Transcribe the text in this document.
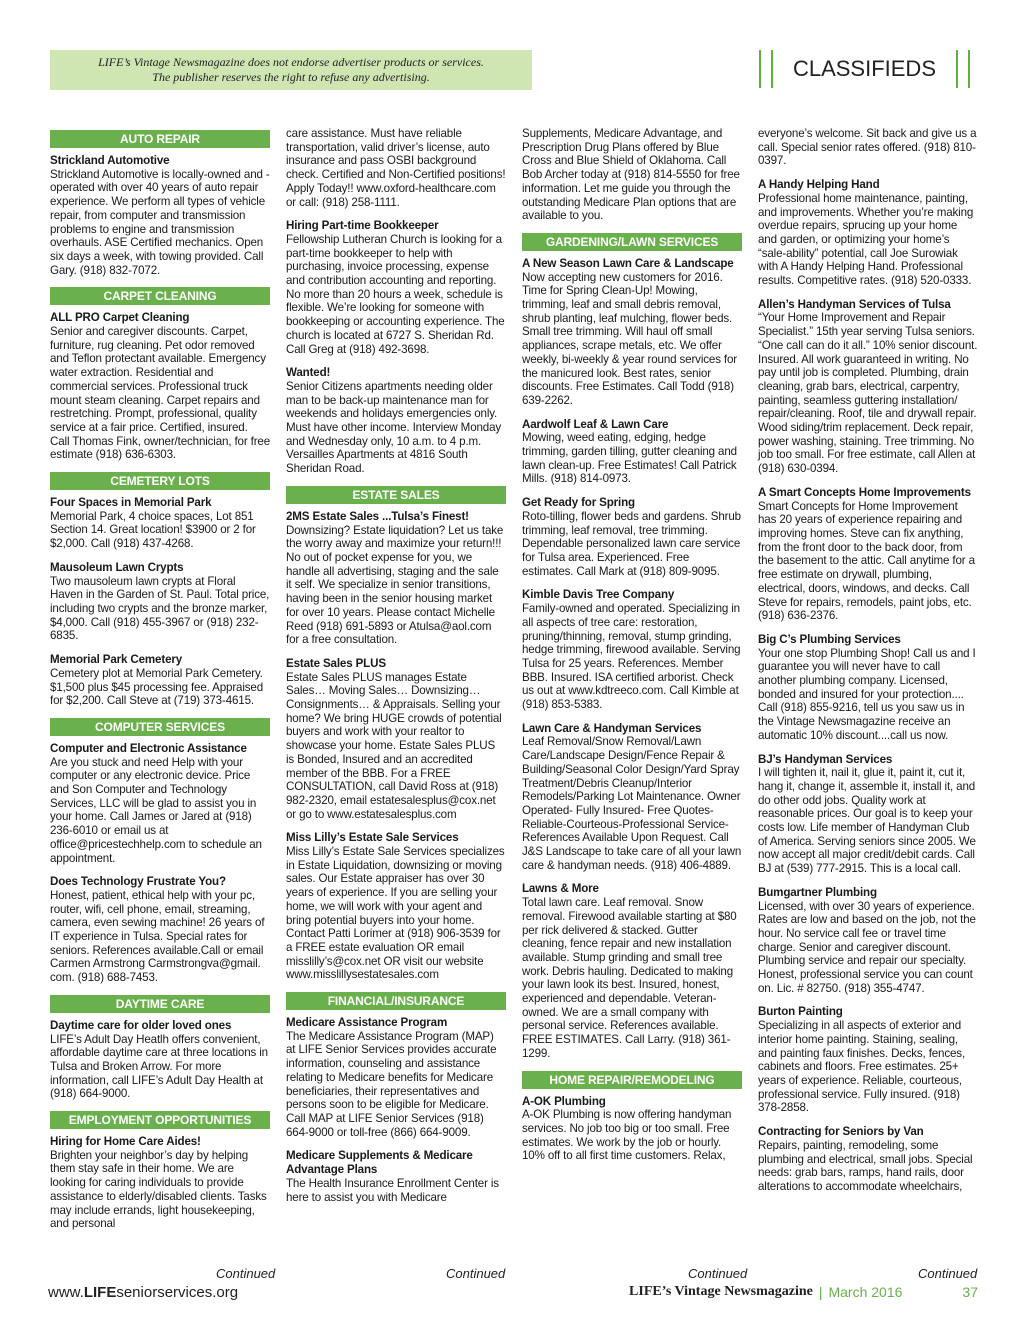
LIFE’s Vintage Newsmagazine does not endorse advertiser products or services.
The publisher reserves the right to refuse any advertising.	CLASSIFIEDS
AUTO REPAIR
Strickland Automotive
Strickland Automotive is locally-owned and - operated with over 40 years of auto repair experience. We perform all types of vehicle repair, from computer and transmission problems to engine and transmission overhauls. ASE Certified mechanics. Open six days a week, with towing provided. Call Gary. (918) 832-7072.
CARPET CLEANING
ALL PRO Carpet Cleaning
Senior and caregiver discounts. Carpet, furniture, rug cleaning. Pet odor removed and Teflon protectant available. Emergency water extraction. Residential and commercial services. Professional truck mount steam cleaning. Carpet repairs and restretching. Prompt, professional, quality service at a fair price. Certified, insured. Call Thomas Fink, owner/technician, for free estimate (918) 636-6303.
CEMETERY LOTS
Four Spaces in Memorial Park
Memorial Park, 4 choice spaces, Lot 851 Section 14. Great location! $3900 or 2 for $2,000. Call (918) 437-4268.
Mausoleum Lawn Crypts
Two mausoleum lawn crypts at Floral Haven in the Garden of St. Paul. Total price, including two crypts and the bronze marker, $4,000. Call (918) 455-3967 or (918) 232-6835.
Memorial Park Cemetery
Cemetery plot at Memorial Park Cemetery. $1,500 plus $45 processing fee. Appraised for $2,200. Call Steve at (719) 373-4615.
COMPUTER SERVICES
Computer and Electronic Assistance
Are you stuck and need Help with your computer or any electronic device. Price and Son Computer and Technology Services, LLC will be glad to assist you in your home. Call James or Jared at (918) 236-6010 or email us at office@pricestechhelp.com to schedule an appointment.
Does Technology Frustrate You?
Honest, patient, ethical help with your pc, router, wifi, cell phone, email, streaming, camera, even sewing machine! 26 years of IT experience in Tulsa. Special rates for seniors. References available.Call or email Carmen Armstrong Carmstrongva@gmail. com. (918) 688-7453.
DAYTIME CARE
Daytime care for older loved ones
LIFE’s Adult Day Heatlh offers convenient, affordable daytime care at three locations in Tulsa and Broken Arrow. For more information, call LIFE’s Adult Day Health at (918) 664-9000.
EMPLOYMENT OPPORTUNITIES
Hiring for Home Care Aides!
Brighten your neighbor’s day by helping them stay safe in their home. We are looking for caring individuals to provide assistance to elderly/disabled clients. Tasks may include errands, light housekeeping, and personal
care assistance. Must have reliable transportation, valid driver’s license, auto insurance and pass OSBI background check. Certified and Non-Certified positions! Apply Today!! www.oxford-healthcare.com or call: (918) 258-1111.
Hiring Part-time Bookkeeper
Fellowship Lutheran Church is looking for a part-time bookkeeper to help with purchasing, invoice processing, expense and contribution accounting and reporting. No more than 20 hours a week, schedule is flexible. We’re looking for someone with bookkeeping or accounting experience. The church is located at 6727 S. Sheridan Rd. Call Greg at (918) 492-3698.
Wanted!
Senior Citizens apartments needing older man to be back-up maintenance man for weekends and holidays emergencies only. Must have other income. Interview Monday and Wednesday only, 10 a.m. to 4 p.m. Versailles Apartments at 4816 South Sheridan Road.
ESTATE SALES
2MS Estate Sales ...Tulsa’s Finest!
Downsizing? Estate liquidation? Let us take the worry away and maximize your return!!! No out of pocket expense for you, we handle all advertising, staging and the sale it self. We specialize in senior transitions, having been in the senior housing market for over 10 years. Please contact Michelle Reed (918) 691-5893 or Atulsa@aol.com for a free consultation.
Estate Sales PLUS
Estate Sales PLUS manages Estate Sales… Moving Sales… Downsizing… Consignments… & Appraisals. Selling your home? We bring HUGE crowds of potential buyers and work with your realtor to showcase your home. Estate Sales PLUS is Bonded, Insured and an accredited member of the BBB. For a FREE CONSULTATION, call David Ross at (918) 982-2320, email estatesalesplus@cox.net or go to www.estatesalesplus.com
Miss Lilly’s Estate Sale Services
Miss Lilly’s Estate Sale Services specializes in Estate Liquidation, downsizing or moving sales. Our Estate appraiser has over 30 years of experience. If you are selling your home, we will work with your agent and bring potential buyers into your home. Contact Patti Lorimer at (918) 906-3539 for a FREE estate evaluation OR email misslilly’s@cox.net OR visit our website www.misslillysestatesales.com
FINANCIAL/INSURANCE
Medicare Assistance Program
The Medicare Assistance Program (MAP) at LIFE Senior Services provides accurate information, counseling and assistance relating to Medicare benefits for Medicare beneficiaries, their representatives and persons soon to be eligible for Medicare. Call MAP at LIFE Senior Services (918) 664-9000 or toll-free (866) 664-9009.
Medicare Supplements & Medicare Advantage Plans
The Health Insurance Enrollment Center is here to assist you with Medicare
Supplements, Medicare Advantage, and Prescription Drug Plans offered by Blue Cross and Blue Shield of Oklahoma. Call Bob Archer today at (918) 814-5550 for free information. Let me guide you through the outstanding Medicare Plan options that are available to you.
GARDENING/LAWN SERVICES
A New Season Lawn Care & Landscape
Now accepting new customers for 2016. Time for Spring Clean-Up! Mowing, trimming, leaf and small debris removal, shrub planting, leaf mulching, flower beds. Small tree trimming. Will haul off small appliances, scrape metals, etc. We offer weekly, bi-weekly & year round services for the manicured look. Best rates, senior discounts. Free Estimates. Call Todd (918) 639-2262.
Aardwolf Leaf & Lawn Care
Mowing, weed eating, edging, hedge trimming, garden tilling, gutter cleaning and lawn clean-up. Free Estimates! Call Patrick Mills. (918) 814-0973.
Get Ready for Spring
Roto-tilling, flower beds and gardens. Shrub trimming, leaf removal, tree trimming. Dependable personalized lawn care service for Tulsa area. Experienced. Free estimates. Call Mark at (918) 809-9095.
Kimble Davis Tree Company
Family-owned and operated. Specializing in all aspects of tree care: restoration, pruning/thinning, removal, stump grinding, hedge trimming, firewood available. Serving Tulsa for 25 years. References. Member BBB. Insured. ISA certified arborist. Check us out at www.kdtreeco.com. Call Kimble at (918) 853-5383.
Lawn Care & Handyman Services
Leaf Removal/Snow Removal/Lawn Care/Landscape Design/Fence Repair & Building/Seasonal Color Design/Yard Spray Treatment/Debris Cleanup/Interior Remodels/Parking Lot Maintenance. Owner Operated- Fully Insured- Free Quotes-Reliable-Courteous-Professional Service-References Available Upon Request. Call J&S Landscape to take care of all your lawn care & handyman needs. (918) 406-4889.
Lawns & More
Total lawn care. Leaf removal. Snow removal. Firewood available starting at $80 per rick delivered & stacked. Gutter cleaning, fence repair and new installation available. Stump grinding and small tree work. Debris hauling. Dedicated to making your lawn look its best. Insured, honest, experienced and dependable. Veteran-owned. We are a small company with personal service. References available. FREE ESTIMATES. Call Larry. (918) 361-1299.
HOME REPAIR/REMODELING
A-OK Plumbing
A-OK Plumbing is now offering handyman services. No job too big or too small. Free estimates. We work by the job or hourly. 10% off to all first time customers. Relax,
everyone’s welcome. Sit back and give us a call. Special senior rates offered. (918) 810-0397.
A Handy Helping Hand
Professional home maintenance, painting, and improvements. Whether you’re making overdue repairs, sprucing up your home and garden, or optimizing your home’s “sale-ability” potential, call Joe Surowiak with A Handy Helping Hand. Professional results. Competitive rates. (918) 520-0333.
Allen’s Handyman Services of Tulsa
“Your Home Improvement and Repair Specialist.” 15th year serving Tulsa seniors. “One call can do it all.” 10% senior discount. Insured. All work guaranteed in writing. No pay until job is completed. Plumbing, drain cleaning, grab bars, electrical, carpentry, painting, seamless guttering installation/ repair/cleaning. Roof, tile and drywall repair. Wood siding/trim replacement. Deck repair, power washing, staining. Tree trimming. No job too small. For free estimate, call Allen at (918) 630-0394.
A Smart Concepts Home Improvements
Smart Concepts for Home Improvement has 20 years of experience repairing and improving homes. Steve can fix anything, from the front door to the back door, from the basement to the attic. Call anytime for a free estimate on drywall, plumbing, electrical, doors, windows, and decks. Call Steve for repairs, remodels, paint jobs, etc. (918) 636-2376.
Big C’s Plumbing Services
Your one stop Plumbing Shop! Call us and I guarantee you will never have to call another plumbing company. Licensed, bonded and insured for your protection.... Call (918) 855-9216, tell us you saw us in the Vintage Newsmagazine receive an automatic 10% discount....call us now.
BJ’s Handyman Services
I will tighten it, nail it, glue it, paint it, cut it, hang it, change it, assemble it, install it, and do other odd jobs. Quality work at reasonable prices. Our goal is to keep your costs low. Life member of Handyman Club of America. Serving seniors since 2005. We now accept all major credit/debit cards. Call BJ at (539) 777-2915. This is a local call.
Bumgartner Plumbing
Licensed, with over 30 years of experience. Rates are low and based on the job, not the hour. No service call fee or travel time charge. Senior and caregiver discount. Plumbing service and repair our specialty. Honest, professional service you can count on. Lic. # 82750. (918) 355-4747.
Burton Painting
Specializing in all aspects of exterior and interior home painting. Staining, sealing, and painting faux finishes. Decks, fences, cabinets and floors. Free estimates. 25+ years of experience. Reliable, courteous, professional service. Fully insured. (918) 378-2858.
Contracting for Seniors by Van
Repairs, painting, remodeling, some plumbing and electrical, small jobs. Special needs: grab bars, ramps, hand rails, door alterations to accommodate wheelchairs,
Continued	Continued	Continued	Continued
www.LIFEseniorservices.org	LIFE’s Vintage Newsmagazine | March 2016	37
